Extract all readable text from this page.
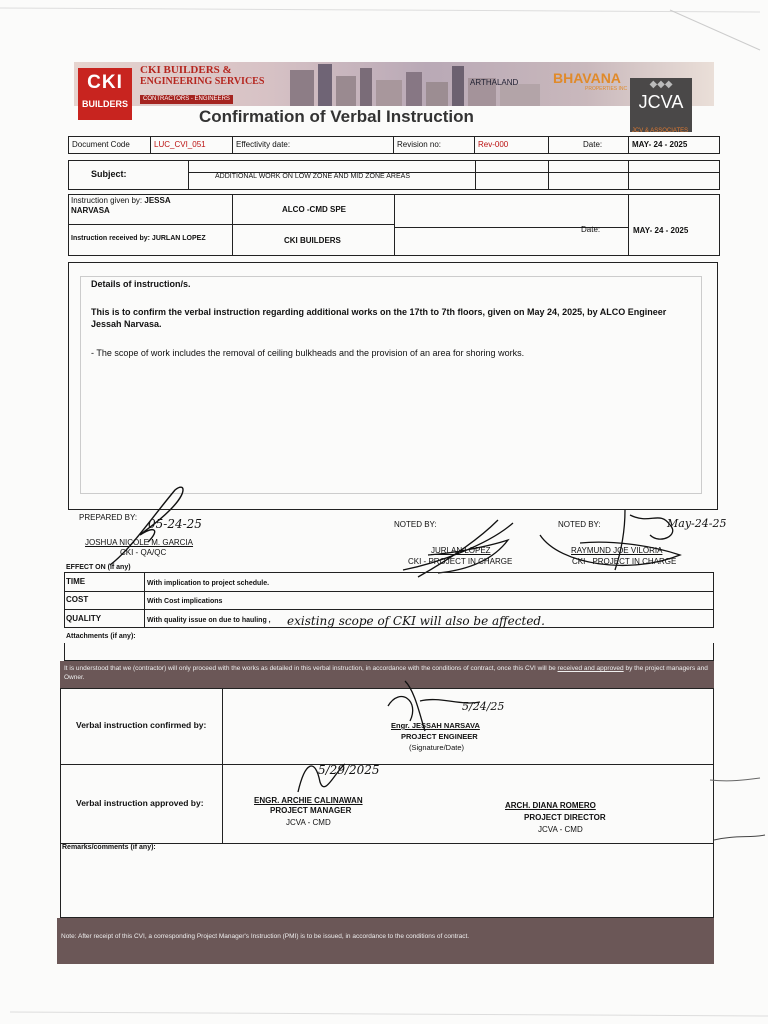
CKI
BUILDERS
CKI BUILDERS &
ENGINEERING SERVICES
CONTRACTORS - ENGINEERS
ARTHALAND BHAVANA
PROPERTIES INC	◆◆◆
JCVA
JCV & ASSOCIATES
Confirmation of Verbal Instruction
Document Code	LUC_CVI_051	Effectivity date:	Revision no:	Rev-000	Date:	MAY- 24 - 2025
Subject:	ADDITIONAL WORK ON LOW ZONE AND MID ZONE AREAS
Instruction given by: JESSA
NARVASA	ALCO -CMD SPE
Instruction received by: JURLAN LOPEZ	CKI BUILDERS
Date:	MAY- 24 - 2025
Details of instruction/s.
This is to confirm the verbal instruction regarding additional works on the 17th to 7th floors, given on May 24, 2025, by ALCO Engineer Jessah Narvasa.
- The scope of work includes the removal of ceiling bulkheads and the provision of an area for shoring works.
PREPARED BY: 05-24-25
JOSHUA NICOLE M. GARCIA
CKI - QA/QC
NOTED BY:
JURLAN LOPEZ
CKI - PROJECT IN CHARGE
NOTED BY:	May-24-25
RAYMUND JOE VILORIA
CKI - PROJECT IN CHARGE
EFFECT ON (if any)
TIME	With implication to project schedule.
COST	With Cost implications
QUALITY	With quality issue on due to hauling , existing scope of CKI will also be affected.
Attachments (if any):
It is understood that we (contractor) will only proceed with the works as detailed in this verbal instruction, in accordance with the conditions of contract, once this CVI will be received and approved by the project managers and Owner.
Verbal instruction confirmed by:
5/24/25
Engr. JESSAH NARSAVA
PROJECT ENGINEER
(Signature/Date)
Verbal instruction approved by:
5/29/2025
ENGR. ARCHIE CALINAWAN
PROJECT MANAGER
JCVA - CMD
ARCH. DIANA ROMERO
PROJECT DIRECTOR
JCVA - CMD
Remarks/comments (if any):
Note: After receipt of this CVI, a corresponding Project Manager's Instruction (PMI) is to be issued, in accordance to the conditions of contract.
